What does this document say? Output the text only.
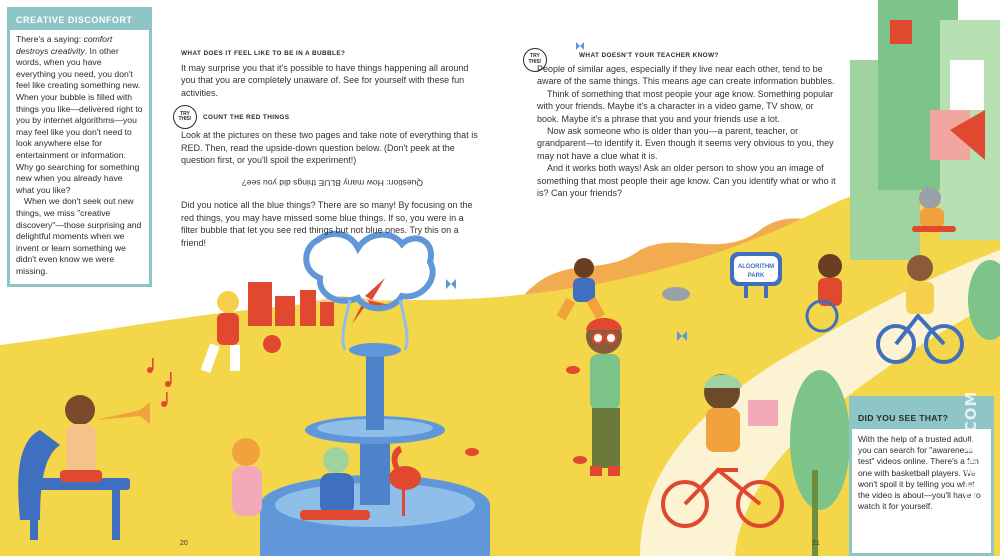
ALGORITHM
PARK
CREATIVE DISCONFORT

There's a saying: comfort destroys creativity. In other words, when you have everything you need, you don't feel like creating something new. When your bubble is filled with things you like—delivered right to you by internet algorithms—you may feel like you don't need to look anywhere else for entertainment or information. Why go searching for something new when you already have what you like?

When we don't seek out new things, we miss "creative discovery"—those surprising and delightful moments when we invent or learn something we didn't even know we were missing.

WHAT DOES IT FEEL LIKE TO BE IN A BUBBLE?

It may surprise you that it's possible to have things happening all around you that you are completely unaware of. See for yourself with these fun activities.

TRY THIS!	COUNT THE RED THINGS

Look at the pictures on these two pages and take note of everything that is RED. Then, read the upside-down question below. (Don't peek at the question first, or you'll spoil the experiment!)

Question: How many BLUE things did you see?

Did you notice all the blue things? There are so many! By focusing on the red things, you may have missed some blue things. If so, you were in a filter bubble that let you see red things but not blue ones. Try this on a friend!

TRY THIS!
WHAT DOESN'T YOUR TEACHER KNOW?

People of similar ages, especially if they live near each other, tend to be aware of the same things. This means age can create information bubbles.

Think of something that most people your age know. Something popular with your friends. Maybe it's a character in a video game, TV show, or book. Maybe it's a phrase that you and your friends use a lot.

Now ask someone who is older than you—a parent, teacher, or grandparent—to identify it. Even though it seems very obvious to you, they may not have a clue what it is.

And it works both ways! Ask an older person to show you an image of something that most people their age know. Can you identify what or who it is? Can your friends?

DID YOU SEE THAT?
With the help of a trusted adult, you can search for "awareness test" videos online. There's a fun one with basketball players. We won't spoil it by telling you what the video is about—you'll have to watch it for yourself.
20	21
JANDOLPH.COM
